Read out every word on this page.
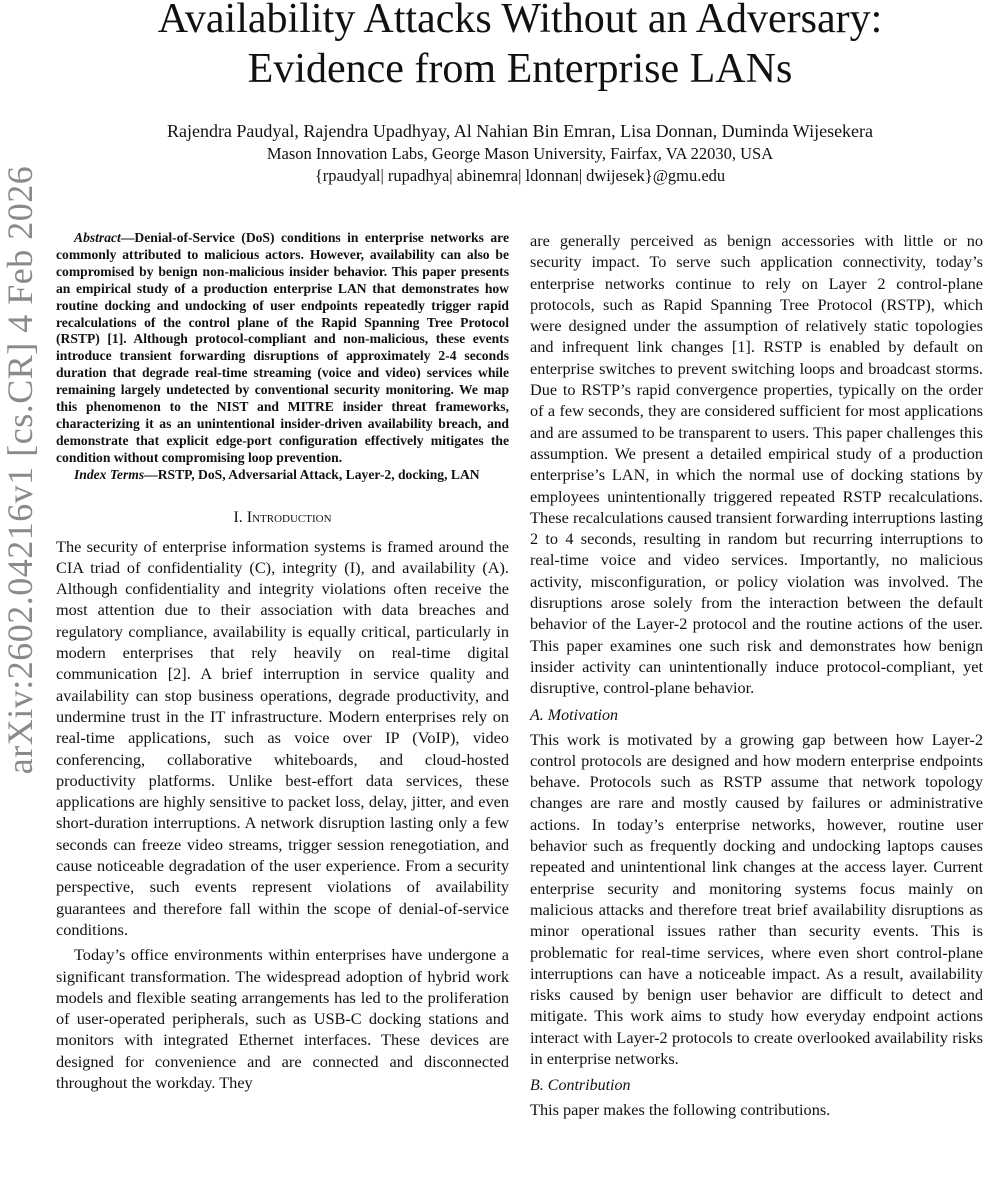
arXiv:2602.04216v1 [cs.CR] 4 Feb 2026
Availability Attacks Without an Adversary:
Evidence from Enterprise LANs
Rajendra Paudyal, Rajendra Upadhyay, Al Nahian Bin Emran, Lisa Donnan, Duminda Wijesekera
Mason Innovation Labs, George Mason University, Fairfax, VA 22030, USA
{rpaudyal| rupadhya| abinemra| ldonnan| dwijesek}@gmu.edu

Abstract—Denial-of-Service (DoS) conditions in enterprise networks are commonly attributed to malicious actors. However, availability can also be compromised by benign non-malicious insider behavior. This paper presents an empirical study of a production enterprise LAN that demonstrates how routine docking and undocking of user endpoints repeatedly trigger rapid recalculations of the control plane of the Rapid Spanning Tree Protocol (RSTP) [1]. Although protocol-compliant and non-malicious, these events introduce transient forwarding disruptions of approximately 2-4 seconds duration that degrade real-time streaming (voice and video) services while remaining largely undetected by conventional security monitoring. We map this phenomenon to the NIST and MITRE insider threat frameworks, characterizing it as an unintentional insider-driven availability breach, and demonstrate that explicit edge-port configuration effectively mitigates the condition without compromising loop prevention.

Index Terms—RSTP, DoS, Adversarial Attack, Layer-2, docking, LAN

I. Introduction

The security of enterprise information systems is framed around the CIA triad of confidentiality (C), integrity (I), and availability (A). Although confidentiality and integrity violations often receive the most attention due to their association with data breaches and regulatory compliance, availability is equally critical, particularly in modern enterprises that rely heavily on real-time digital communication [2]. A brief interruption in service quality and availability can stop business operations, degrade productivity, and undermine trust in the IT infrastructure. Modern enterprises rely on real-time applications, such as voice over IP (VoIP), video conferencing, collaborative whiteboards, and cloud-hosted productivity platforms. Unlike best-effort data services, these applications are highly sensitive to packet loss, delay, jitter, and even short-duration interruptions. A network disruption lasting only a few seconds can freeze video streams, trigger session renegotiation, and cause noticeable degradation of the user experience. From a security perspective, such events represent violations of availability guarantees and therefore fall within the scope of denial-of-service conditions.

Today’s office environments within enterprises have undergone a significant transformation. The widespread adoption of hybrid work models and flexible seating arrangements has led to the proliferation of user-operated peripherals, such as USB-C docking stations and monitors with integrated Ethernet interfaces. These devices are designed for convenience and are connected and disconnected throughout the workday. They

are generally perceived as benign accessories with little or no security impact. To serve such application connectivity, today’s enterprise networks continue to rely on Layer 2 control-plane protocols, such as Rapid Spanning Tree Protocol (RSTP), which were designed under the assumption of relatively static topologies and infrequent link changes [1]. RSTP is enabled by default on enterprise switches to prevent switching loops and broadcast storms. Due to RSTP’s rapid convergence properties, typically on the order of a few seconds, they are considered sufficient for most applications and are assumed to be transparent to users. This paper challenges this assumption. We present a detailed empirical study of a production enterprise’s LAN, in which the normal use of docking stations by employees unintentionally triggered repeated RSTP recalculations. These recalculations caused transient forwarding interruptions lasting 2 to 4 seconds, resulting in random but recurring interruptions to real-time voice and video services. Importantly, no malicious activity, misconfiguration, or policy violation was involved. The disruptions arose solely from the interaction between the default behavior of the Layer-2 protocol and the routine actions of the user. This paper examines one such risk and demonstrates how benign insider activity can unintentionally induce protocol-compliant, yet disruptive, control-plane behavior.

A. Motivation

This work is motivated by a growing gap between how Layer-2 control protocols are designed and how modern enterprise endpoints behave. Protocols such as RSTP assume that network topology changes are rare and mostly caused by failures or administrative actions. In today’s enterprise networks, however, routine user behavior such as frequently docking and undocking laptops causes repeated and unintentional link changes at the access layer. Current enterprise security and monitoring systems focus mainly on malicious attacks and therefore treat brief availability disruptions as minor operational issues rather than security events. This is problematic for real-time services, where even short control-plane interruptions can have a noticeable impact. As a result, availability risks caused by benign user behavior are difficult to detect and mitigate. This work aims to study how everyday endpoint actions interact with Layer-2 protocols to create overlooked availability risks in enterprise networks.

B. Contribution

This paper makes the following contributions.
